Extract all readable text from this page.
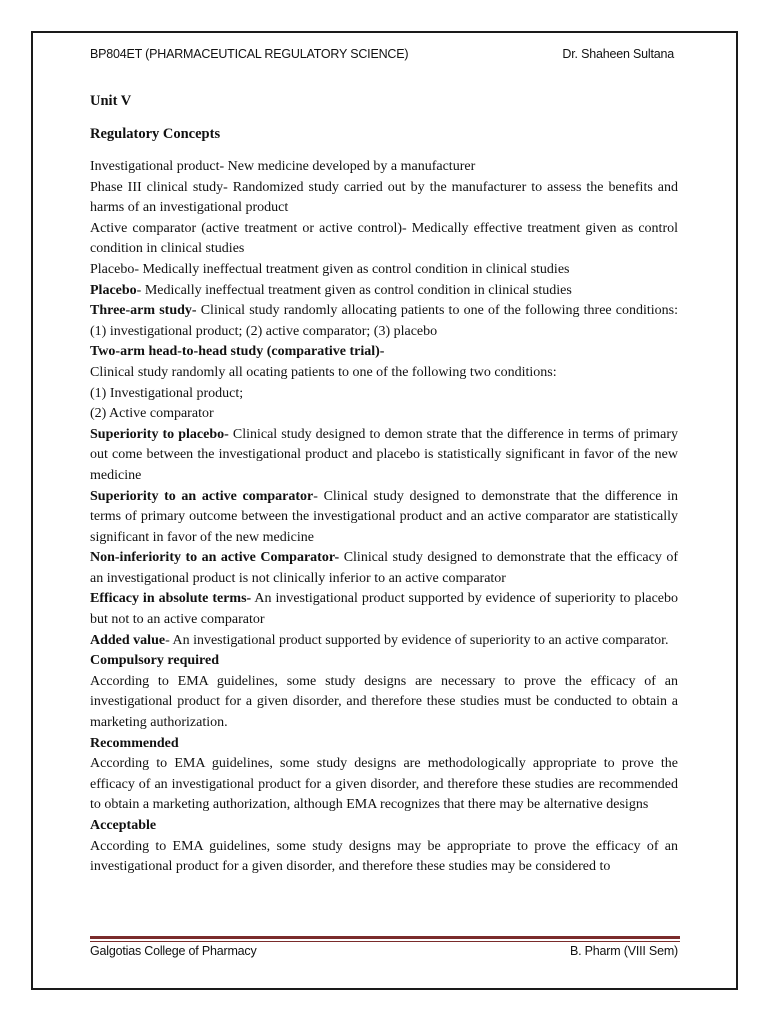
BP804ET (PHARMACEUTICAL REGULATORY SCIENCE)	Dr. Shaheen Sultana
Unit V
Regulatory Concepts

Investigational product- New medicine developed by a manufacturer

Phase III clinical study- Randomized study carried out by the manufacturer to assess the benefits and harms of an investigational product

Active comparator (active treatment or active control)- Medically effective treatment given as control condition in clinical studies

Placebo- Medically ineffectual treatment given as control condition in clinical studies

Placebo- Medically ineffectual treatment given as control condition in clinical studies

Three-arm study- Clinical study randomly allocating patients to one of the following three conditions: (1) investigational product; (2) active comparator; (3) placebo

Two-arm head-to-head study (comparative trial)-

Clinical study randomly all ocating patients to one of the following two conditions:

(1) Investigational product;

(2) Active comparator

Superiority to placebo- Clinical study designed to demon strate that the difference in terms of primary out come between the investigational product and placebo is statistically significant in favor of the new medicine

Superiority to an active comparator- Clinical study designed to demonstrate that the difference in terms of primary outcome between the investigational product and an active comparator are statistically significant in favor of the new medicine

Non-inferiority to an active Comparator- Clinical study designed to demonstrate that the efficacy of an investigational product is not clinically inferior to an active comparator

Efficacy in absolute terms- An investigational product supported by evidence of superiority to placebo but not to an active comparator

Added value- An investigational product supported by evidence of superiority to an active comparator.

Compulsory required

According to EMA guidelines, some study designs are necessary to prove the efficacy of an investigational product for a given disorder, and therefore these studies must be conducted to obtain a marketing authorization.

Recommended

According to EMA guidelines, some study designs are methodologically appropriate to prove the efficacy of an investigational product for a given disorder, and therefore these studies are recommended to obtain a marketing authorization, although EMA recognizes that there may be alternative designs

Acceptable

According to EMA guidelines, some study designs may be appropriate to prove the efficacy of an investigational product for a given disorder, and therefore these studies may be considered to

Galgotias College of Pharmacy	B. Pharm (VIII Sem)
